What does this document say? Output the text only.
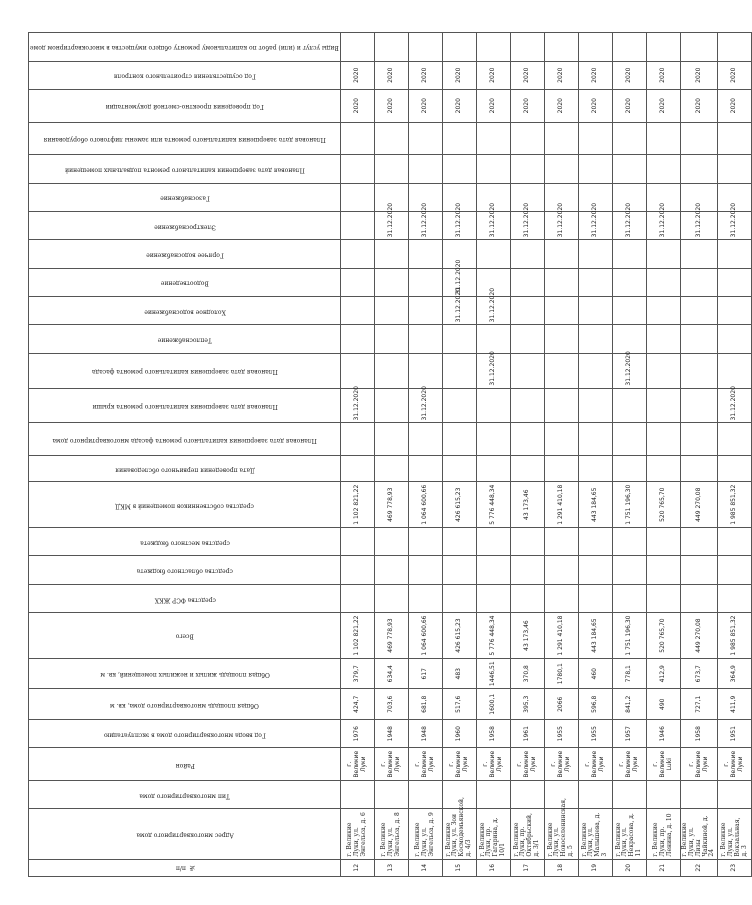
№ п/п	Адрес многоквартирного дома	Тип многоквартирного дома	Район	Год ввода многоквартирного дома в эксплуатацию	Общая площадь многоквартирного дома, кв. м	Общая площадь жилых и нежилых помещений, кв. м	Всего	средства ФСР ЖКХ	средства областного бюджета	средства местного бюджета	средства собственников помещений в МКД	Дата проведения первичного обследования	Плановая дата завершения капитального ремонта фасада многоквартирного дома	Плановая дата завершения капитального ремонта крыши	Плановая дата завершения капитального ремонта фасада	Теплоснабжение	Холодное водоснабжение	Водоотведение	Горячее водоснабжение	Электроснабжение	Газоснабжение	Плановая дата завершения капитального ремонта подвальных помещений	Плановая дата завершения капитального ремонта или замены лифтового оборудования	Год проведения проектно-сметной документации	Год осуществления строительного контроля	Виды услуг и (или) работ по капитальному ремонту общего имущества в многоквартирном доме
12	г. Великие Луки, ул. Энгельса, д. 6		г. Великие Луки	1976	424,7	379,7	1 102 821,22				1 102 821,22			31.12.2020										2020	2020	
13	г. Великие Луки, ул. Энгельса, д. 8		г. Великие Луки	1948	703,6	634,4	469 778,93				469 778,93									31.12.2020				2020	2020	
14	г. Великие Луки, ул. Энгельса, д. 9		г. Великие Луки	1948	681,8	617	1 064 600,66				1 064 600,66			31.12.2020						31.12.2020				2020	2020	
15	г. Великие Луки, ул. Зои Космодемьянской, д. 4/3		г. Великие Луки	1960	517,6	483	426 615,23				426 615,23						31.12.2020	31.12.2020		31.12.2020				2020	2020	
16	г. Великие Луки, пр. Гагарина, д. 10/1		г. Великие Луки	1958	1600,1	1446,51	5 776 448,34				5 776 448,34				31.12.2020		31.12.2020			31.12.2020				2020	2020	
17	г. Великие Луки, пр. Октябрьский, д. 3/1		г. Великие Луки	1961	395,3	370,8	43 173,46				43 173,46									31.12.2020				2020	2020	
18	г. Великие Луки, ул. Новоселенинская, д. 5		г. Великие Луки	1955	2066	1780,1	1 291 410,18				1 291 410,18									31.12.2020				2020	2020	
19	г. Великие Луки, ул. Малышева, д. 3		г. Великие Луки	1955	596,8	460	443 184,65				443 184,65									31.12.2020				2020	2020	
20	г. Великие Луки, ул. Некрасова, д. 11		г. Великие Луки	1957	841,2	778,1	1 751 196,30				1 751 196,30				31.12.2020					31.12.2020				2020	2020	
21	г. Великие Луки, пр. Ленина, д. 10		г. Великие Luki	1946	490	412,9	520 765,70				520 765,70									31.12.2020				2020	2020	
22	г. Великие Луки, ул. Лизы Чайкиной, д. 24		г. Великие Луки	1958	727,1	673,7	449 270,08				449 270,08									31.12.2020				2020	2020	
23	г. Великие Луки, ул. Вокзальная, д. 3		г. Великие Луки	1951	411,9	364,9	1 985 851,32				1 985 851,32			31.12.2020						31.12.2020				2020	2020	
